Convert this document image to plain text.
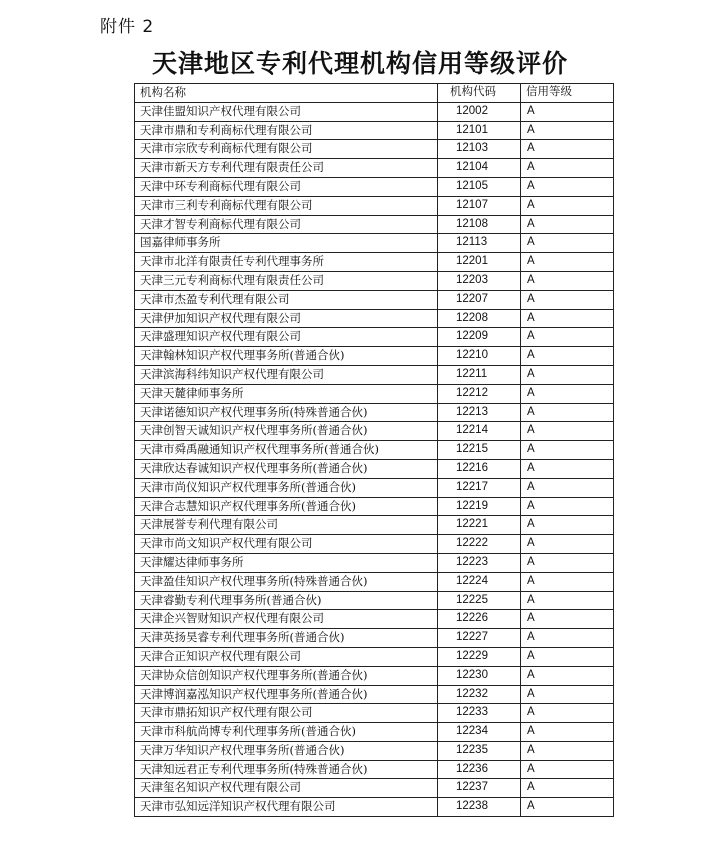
附件 2
天津地区专利代理机构信用等级评价
机构名称	机构代码	信用等级
天津佳盟知识产权代理有限公司	12002	A
天津市鼎和专利商标代理有限公司	12101	A
天津市宗欣专利商标代理有限公司	12103	A
天津市新天方专利代理有限责任公司	12104	A
天津中环专利商标代理有限公司	12105	A
天津市三利专利商标代理有限公司	12107	A
天津才智专利商标代理有限公司	12108	A
国嘉律师事务所	12113	A
天津市北洋有限责任专利代理事务所	12201	A
天津三元专利商标代理有限责任公司	12203	A
天津市杰盈专利代理有限公司	12207	A
天津伊加知识产权代理有限公司	12208	A
天津盛理知识产权代理有限公司	12209	A
天津翰林知识产权代理事务所(普通合伙)	12210	A
天津滨海科纬知识产权代理有限公司	12211	A
天津天麓律师事务所	12212	A
天津诺德知识产权代理事务所(特殊普通合伙)	12213	A
天津创智天诚知识产权代理事务所(普通合伙)	12214	A
天津市舜禹融通知识产权代理事务所(普通合伙)	12215	A
天津欣达春诚知识产权代理事务所(普通合伙)	12216	A
天津市尚仪知识产权代理事务所(普通合伙)	12217	A
天津合志慧知识产权代理事务所(普通合伙)	12219	A
天津展誉专利代理有限公司	12221	A
天津市尚文知识产权代理有限公司	12222	A
天津耀达律师事务所	12223	A
天津盈佳知识产权代理事务所(特殊普通合伙)	12224	A
天津睿勤专利代理事务所(普通合伙)	12225	A
天津企兴智财知识产权代理有限公司	12226	A
天津英扬昊睿专利代理事务所(普通合伙)	12227	A
天津合正知识产权代理有限公司	12229	A
天津协众信创知识产权代理事务所(普通合伙)	12230	A
天津博润嘉泓知识产权代理事务所(普通合伙)	12232	A
天津市鼎拓知识产权代理有限公司	12233	A
天津市科航尚博专利代理事务所(普通合伙)	12234	A
天津万华知识产权代理事务所(普通合伙)	12235	A
天津知远君正专利代理事务所(特殊普通合伙)	12236	A
天津玺名知识产权代理有限公司	12237	A
天津市弘知远洋知识产权代理有限公司	12238	A
